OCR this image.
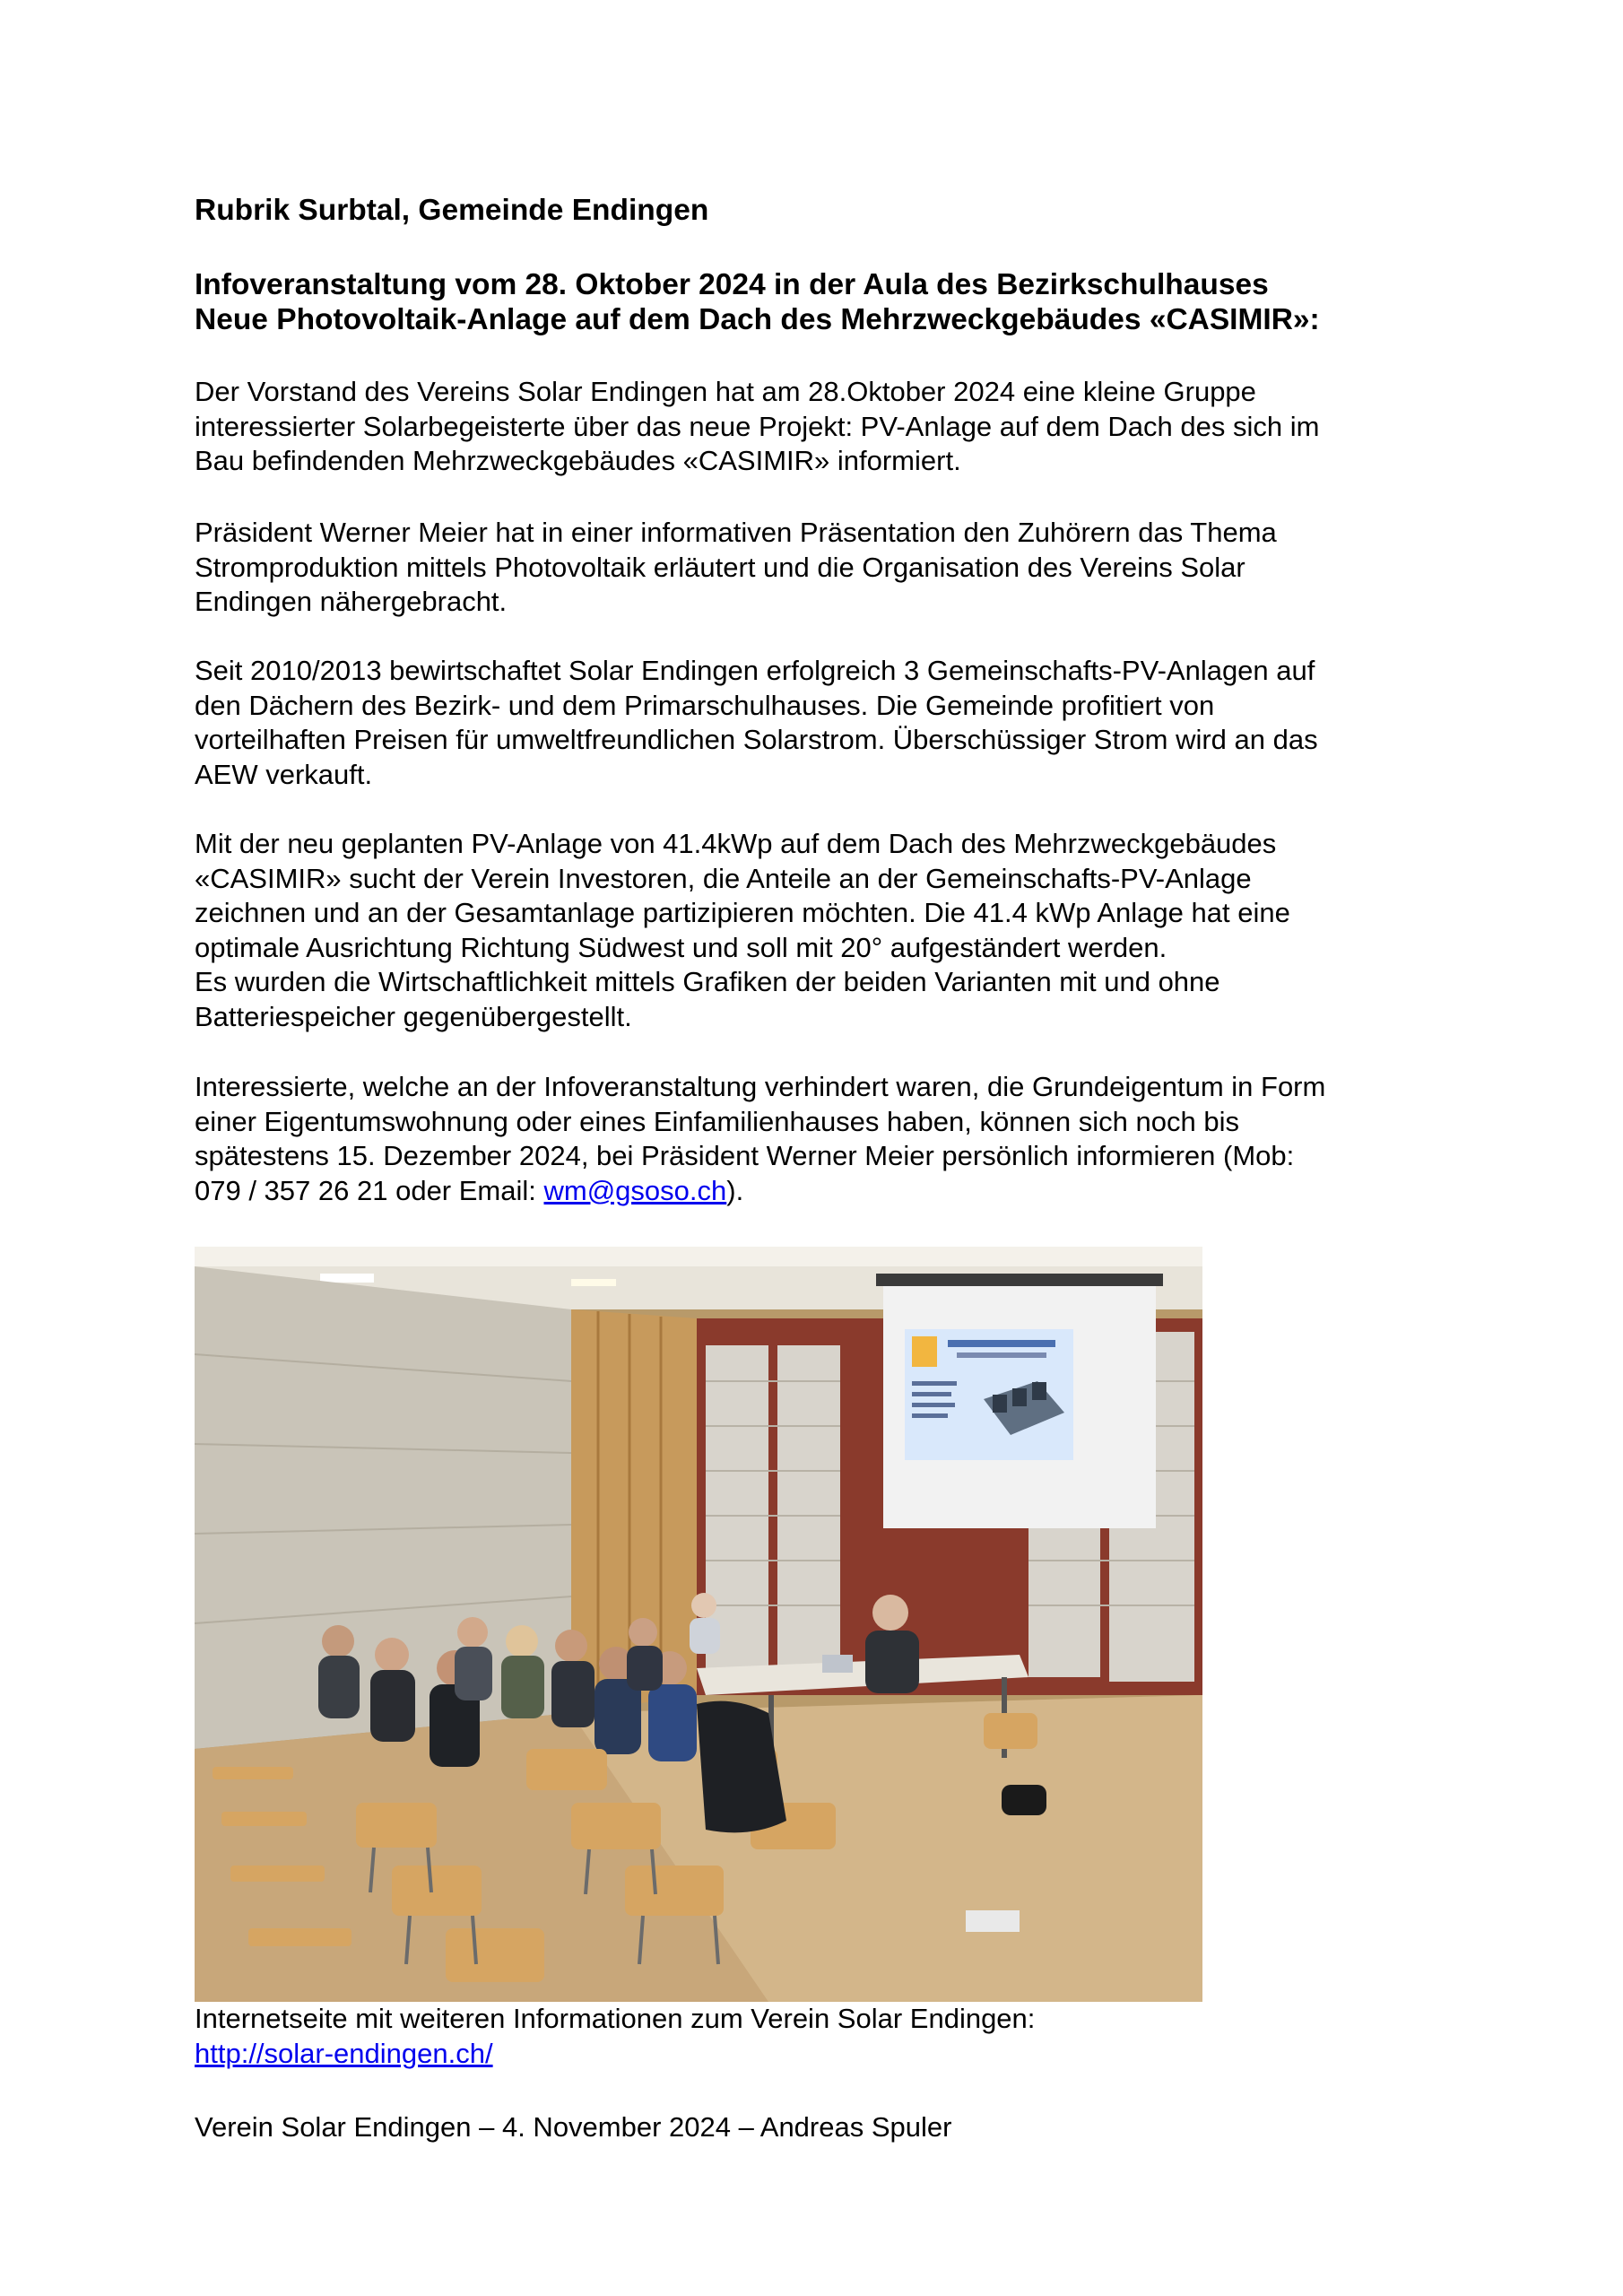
Rubrik Surbtal, Gemeinde Endingen
Infoveranstaltung vom 28. Oktober 2024 in der Aula des Bezirkschulhauses
Neue Photovoltaik-Anlage auf dem Dach des Mehrzweckgebäudes «CASIMIR»:
Der Vorstand des Vereins Solar Endingen hat am 28.Oktober 2024 eine kleine Gruppe
interessierter Solarbegeisterte über das neue Projekt: PV-Anlage auf dem Dach des sich im
Bau befindenden Mehrzweckgebäudes «CASIMIR» informiert.
Präsident Werner Meier hat in einer informativen Präsentation den Zuhörern das Thema
Stromproduktion mittels Photovoltaik erläutert und die Organisation des Vereins Solar
Endingen nähergebracht.
Seit 2010/2013 bewirtschaftet Solar Endingen erfolgreich 3 Gemeinschafts-PV-Anlagen auf
den Dächern des Bezirk- und dem Primarschulhauses. Die Gemeinde profitiert von
vorteilhaften Preisen für umweltfreundlichen Solarstrom. Überschüssiger Strom wird an das
AEW verkauft.
Mit der neu geplanten PV-Anlage von 41.4kWp auf dem Dach des Mehrzweckgebäudes
«CASIMIR» sucht der Verein Investoren, die Anteile an der Gemeinschafts-PV-Anlage
zeichnen und an der Gesamtanlage partizipieren möchten. Die 41.4 kWp Anlage hat eine
optimale Ausrichtung Richtung Südwest und soll mit 20° aufgeständert werden.
Es wurden die Wirtschaftlichkeit mittels Grafiken der beiden Varianten mit und ohne
Batteriespeicher gegenübergestellt.
Interessierte, welche an der Infoveranstaltung verhindert waren, die Grundeigentum in Form
einer Eigentumswohnung oder eines Einfamilienhauses haben, können sich noch bis
spätestens 15. Dezember 2024, bei Präsident Werner Meier persönlich informieren (Mob:
079 / 357 26 21 oder Email: wm@gsoso.ch).
Internetseite mit weiteren Informationen zum Verein Solar Endingen:
http://solar-endingen.ch/
Verein Solar Endingen – 4. November 2024 – Andreas Spuler
